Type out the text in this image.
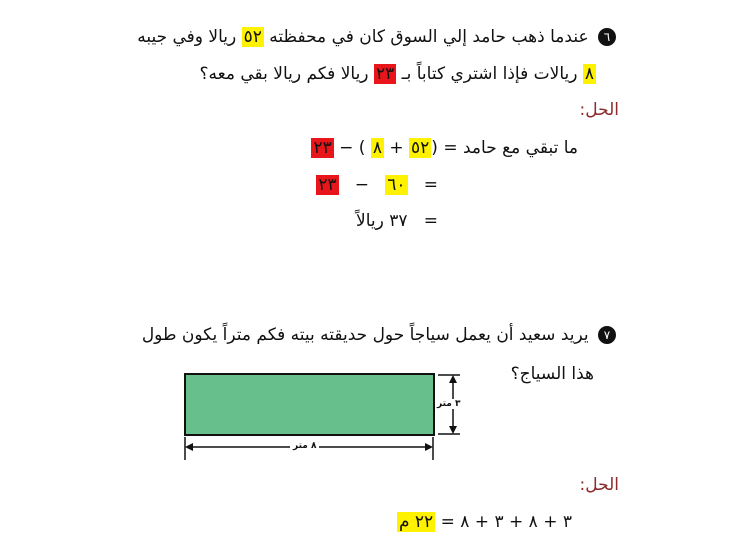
٦ عندما ذهب حامد إلي السوق كان في محفظته ٥٢ ريالا وفي جيبه
٨ ريالات فإذا اشتري كتاباً بـ ٢٣ ريالا فكم ريالا بقي معه؟
الحل:
ما تبقي مع حامد = (٥٢ + ٨ ) − ٢٣
=   ٦٠   −   ٢٣
=   ٣٧ ريالاً
٧ يريد سعيد أن يعمل سياجاً حول حديقته بيته فكم متراً يكون طول
هذا السياج؟
٣ متر
٨ متر
الحل:
٣ + ٨ + ٣ + ٨ = ٢٢ م
